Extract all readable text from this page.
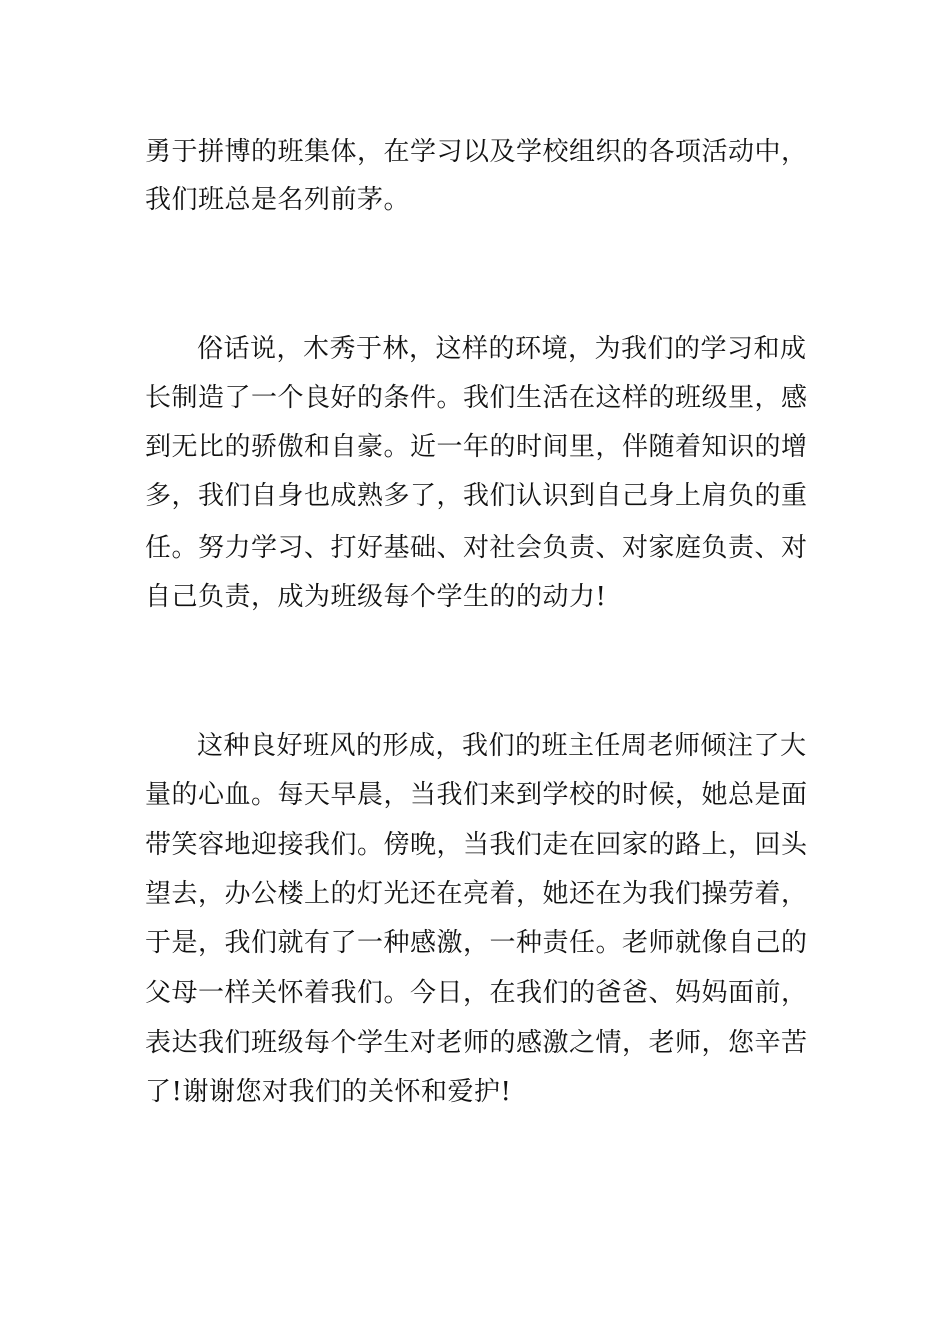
勇于拼博的班集体，在学习以及学校组织的各项活动中，

我们班总是名列前茅。

俗话说，木秀于林，这样的环境，为我们的学习和成

长制造了一个良好的条件。我们生活在这样的班级里，感

到无比的骄傲和自豪。近一年的时间里，伴随着知识的增

多，我们自身也成熟多了，我们认识到自己身上肩负的重

任。努力学习、打好基础、对社会负责、对家庭负责、对

自己负责，成为班级每个学生的的动力!

这种良好班风的形成，我们的班主任周老师倾注了大

量的心血。每天早晨，当我们来到学校的时候，她总是面

带笑容地迎接我们。傍晚，当我们走在回家的路上，回头

望去，办公楼上的灯光还在亮着，她还在为我们操劳着，

于是，我们就有了一种感激，一种责任。老师就像自己的

父母一样关怀着我们。今日，在我们的爸爸、妈妈面前，

表达我们班级每个学生对老师的感激之情，老师，您辛苦

了!谢谢您对我们的关怀和爱护!
